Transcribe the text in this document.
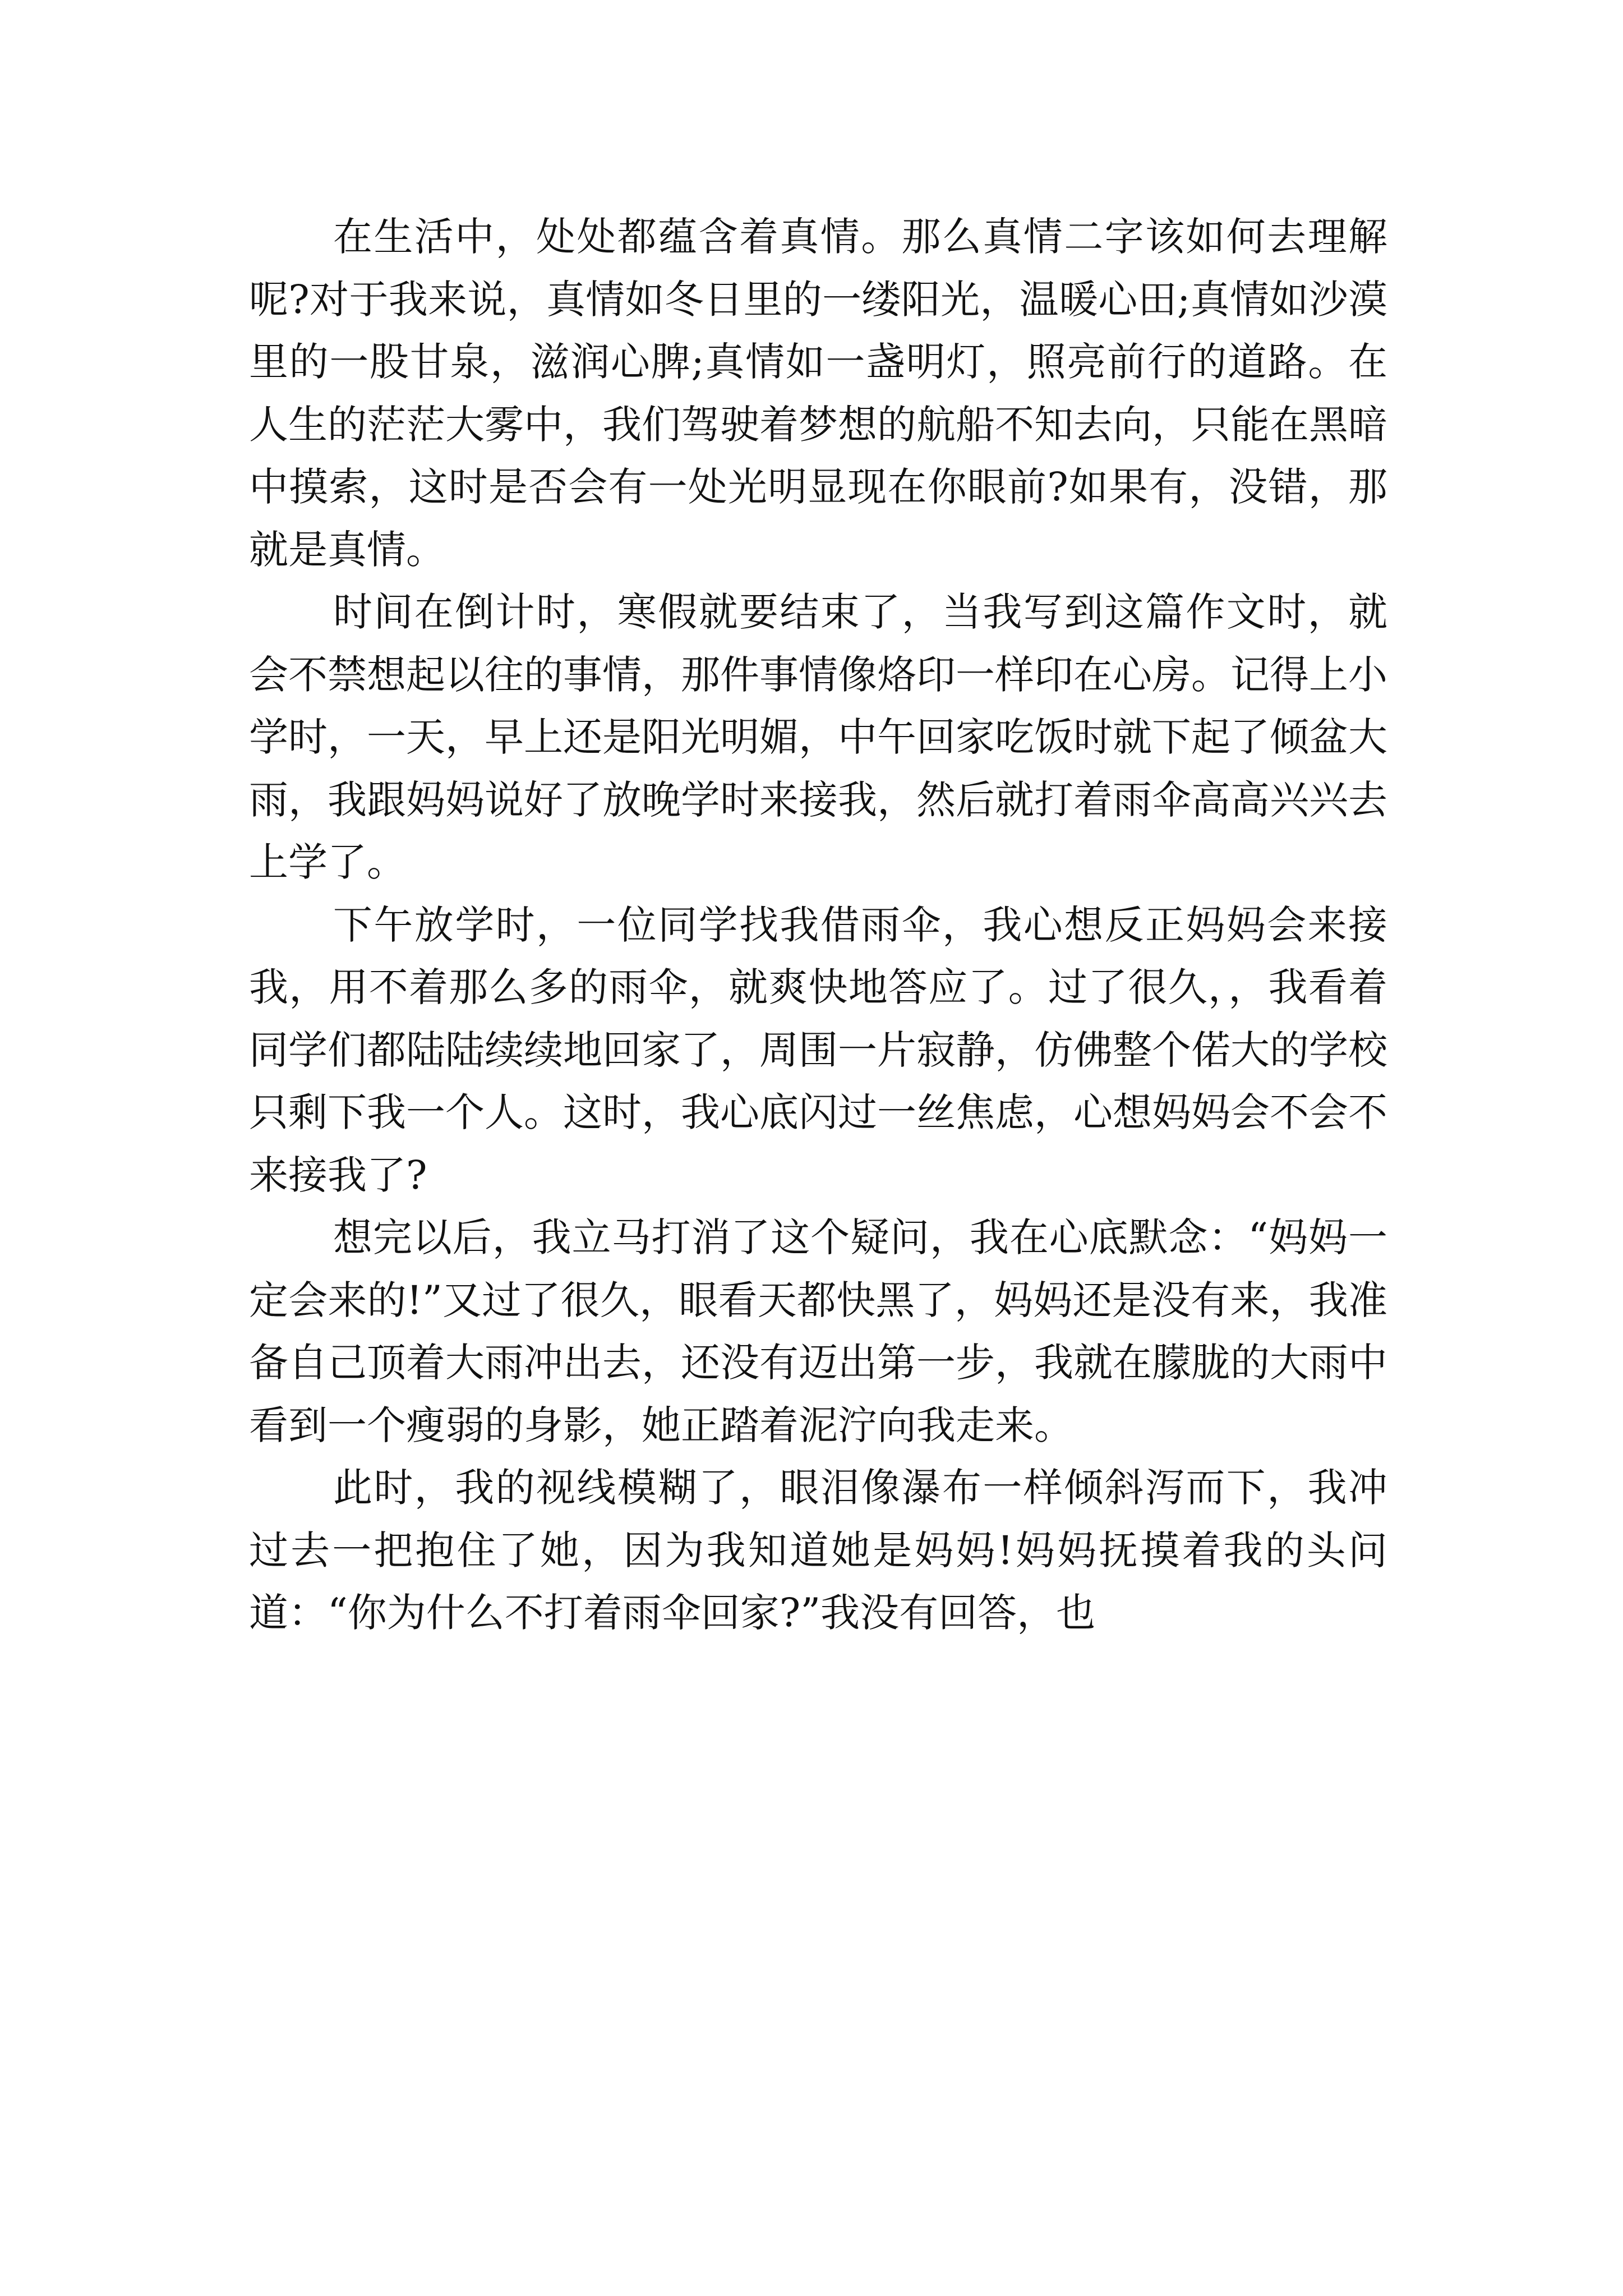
在生活中，处处都蕴含着真情。那么真情二字该如何去理解呢?对于我来说，真情如冬日里的一缕阳光，温暖心田;真情如沙漠里的一股甘泉，滋润心脾;真情如一盏明灯，照亮前行的道路。在人生的茫茫大雾中，我们驾驶着梦想的航船不知去向，只能在黑暗中摸索，这时是否会有一处光明显现在你眼前?如果有，没错，那就是真情。

时间在倒计时，寒假就要结束了，当我写到这篇作文时，就会不禁想起以往的事情，那件事情像烙印一样印在心房。记得上小学时，一天，早上还是阳光明媚，中午回家吃饭时就下起了倾盆大雨，我跟妈妈说好了放晚学时来接我，然后就打着雨伞高高兴兴去上学了。

下午放学时，一位同学找我借雨伞，我心想反正妈妈会来接我，用不着那么多的雨伞，就爽快地答应了。过了很久，，我看着同学们都陆陆续续地回家了，周围一片寂静，仿佛整个偌大的学校只剩下我一个人。这时，我心底闪过一丝焦虑，心想妈妈会不会不来接我了?

想完以后，我立马打消了这个疑问，我在心底默念：“妈妈一定会来的!”又过了很久，眼看天都快黑了，妈妈还是没有来，我准备自己顶着大雨冲出去，还没有迈出第一步，我就在朦胧的大雨中看到一个瘦弱的身影，她正踏着泥泞向我走来。

此时，我的视线模糊了，眼泪像瀑布一样倾斜泻而下，我冲过去一把抱住了她，因为我知道她是妈妈!妈妈抚摸着我的头问道：“你为什么不打着雨伞回家?”我没有回答，也
